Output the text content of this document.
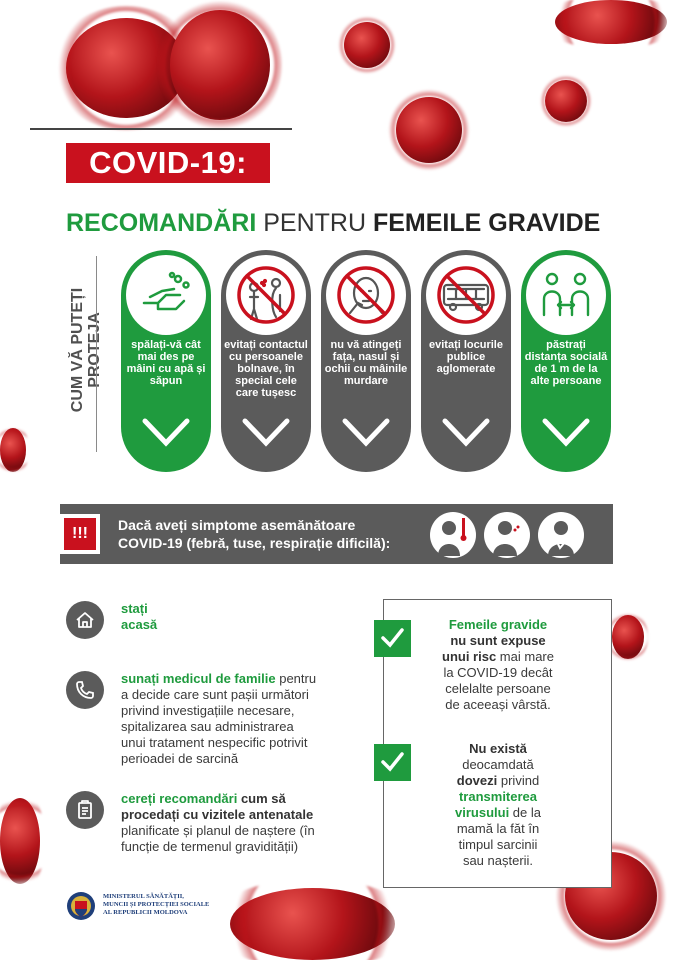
COVID-19:
RECOMANDĂRI PENTRU FEMEILE GRAVIDE
CUM VĂ PUTEȚI PROTEJA	spălați-vă cât mai des pe mâini cu apă și săpun
evitați contactul cu persoanele bolnave, în special cele care tușesc
nu vă atingeți fața, nasul și ochii cu mâinile murdare
evitați locurile publice aglomerate
păstrați distanța socială de 1 m de la alte persoane
!!!	Dacă aveți simptome asemănătoare
COVID-19 (febră, tuse, respirație dificilă):
stați
acasă
sunați medicul de familie pentru
a decide care sunt pașii următori
privind investigațiile necesare,
spitalizarea sau administrarea
unui tratament nespecific potrivit
perioadei de sarcină
cereți recomandări cum să
procedați cu vizitele antenatale
planificate și planul de naștere (în
funcție de termenul gravidității)
Femeile gravide
nu sunt expuse
unui risc mai mare
la COVID-19 decât
celelalte persoane
de aceeași vârstă.
Nu există
deocamdată
dovezi privind
transmiterea
virusului de la
mamă la făt în
timpul sarcinii
sau nașterii.
MINISTERUL SĂNĂTĂȚII,
MUNCII ȘI PROTECȚIEI SOCIALE
AL REPUBLICII MOLDOVA
